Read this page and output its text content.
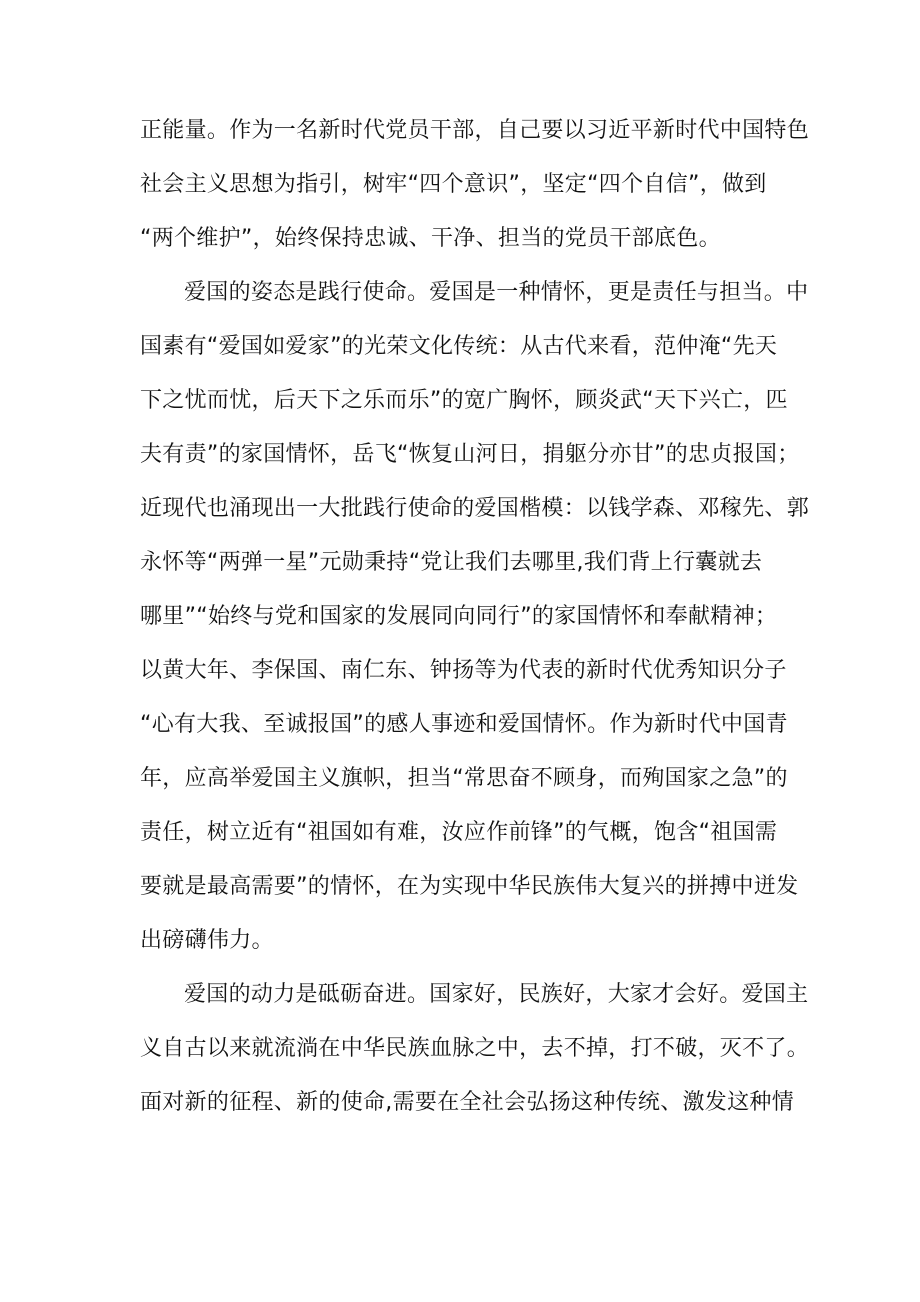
正能量。作为一名新时代党员干部，自己要以习近平新时代中国特色
社会主义思想为指引，树牢“四个意识”，坚定“四个自信”，做到
“两个维护”，始终保持忠诚、干净、担当的党员干部底色。
爱国的姿态是践行使命。爱国是一种情怀，更是责任与担当。中
国素有“爱国如爱家”的光荣文化传统：从古代来看，范仲淹“先天
下之忧而忧，后天下之乐而乐”的宽广胸怀，顾炎武“天下兴亡，匹
夫有责”的家国情怀，岳飞“恢复山河日，捐躯分亦甘”的忠贞报国；
近现代也涌现出一大批践行使命的爱国楷模：以钱学森、邓稼先、郭
永怀等“两弹一星”元勋秉持“党让我们去哪里,我们背上行囊就去
哪里”“始终与党和国家的发展同向同行”的家国情怀和奉献精神；
以黄大年、李保国、南仁东、钟扬等为代表的新时代优秀知识分子
“心有大我、至诚报国”的感人事迹和爱国情怀。作为新时代中国青
年，应高举爱国主义旗帜，担当“常思奋不顾身，而殉国家之急”的
责任，树立近有“祖国如有难，汝应作前锋”的气概，饱含“祖国需
要就是最高需要”的情怀，在为实现中华民族伟大复兴的拼搏中迸发
出磅礴伟力。
爱国的动力是砥砺奋进。国家好，民族好，大家才会好。爱国主
义自古以来就流淌在中华民族血脉之中，去不掉，打不破，灭不了。
面对新的征程、新的使命,需要在全社会弘扬这种传统、激发这种情
